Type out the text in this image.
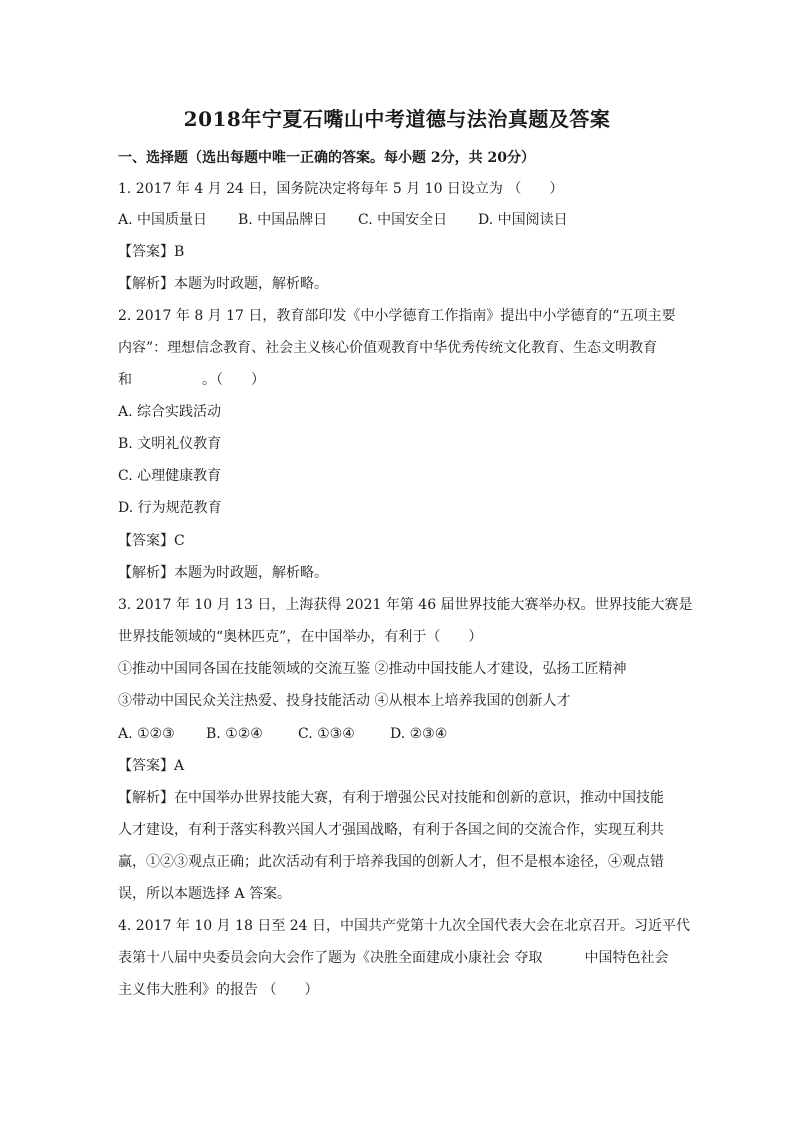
2018年宁夏石嘴山中考道德与法治真题及答案
一、选择题（选出每题中唯一正确的答案。每小题 2分，共 20分）
1. 2017 年 4 月 24 日，国务院决定将每年 5 月 10 日设立为 （　　）
A. 中国质量日 B. 中国品牌日 C. 中国安全日 D. 中国阅读日
【答案】B
【解析】本题为时政题，解析略。
2. 2017 年 8 月 17 日，教育部印发《中小学德育工作指南》提出中小学德育的“五项主要
内容”：理想信念教育、社会主义核心价值观教育中华优秀传统文化教育、生态文明教育
和　　　　　。（　　）
A. 综合实践活动
B. 文明礼仪教育
C. 心理健康教育
D. 行为规范教育
【答案】C
【解析】本题为时政题，解析略。
3. 2017 年 10 月 13 日，上海获得 2021 年第 46 届世界技能大赛举办权。世界技能大赛是
世界技能领域的“奥林匹克”，在中国举办，有利于（　　）
①推动中国同各国在技能领域的交流互鉴 ②推动中国技能人才建设，弘扬工匠精神
③带动中国民众关注热爱、投身技能活动 ④从根本上培养我国的创新人才
A. ①②③ B. ①②④	C. ①③④	D. ②③④
【答案】A
【解析】在中国举办世界技能大赛，有利于增强公民对技能和创新的意识，推动中国技能
人才建设，有利于落实科教兴国人才强国战略，有利于各国之间的交流合作，实现互利共
赢，①②③观点正确；此次活动有利于培养我国的创新人才，但不是根本途径，④观点错
误，所以本题选择 A 答案。
4. 2017 年 10 月 18 日至 24 日，中国共产党第十九次全国代表大会在北京召开。习近平代
表第十八届中央委员会向大会作了题为《决胜全面建成小康社会 夺取　　　中国特色社会
主义伟大胜利》的报告 （　　）
